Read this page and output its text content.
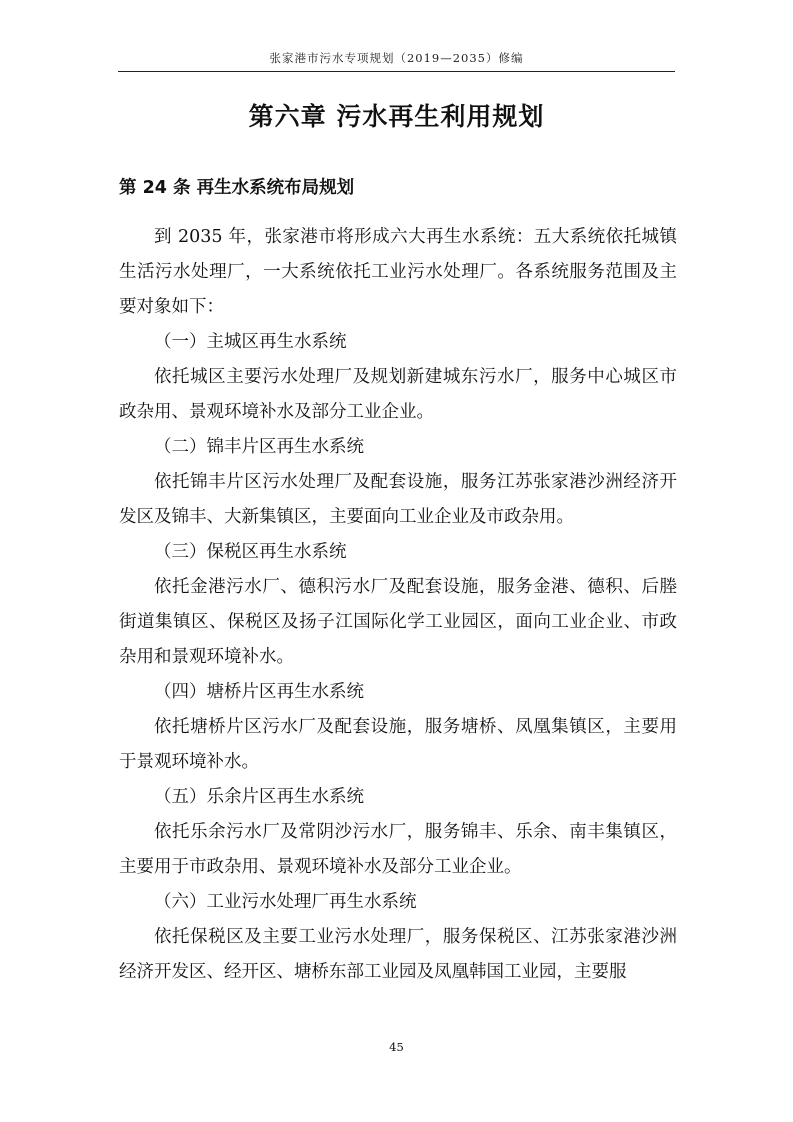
张家港市污水专项规划（2019—2035）修编
第六章 污水再生利用规划
第 24 条 再生水系统布局规划

到 2035 年，张家港市将形成六大再生水系统：五大系统依托城镇生活污水处理厂，一大系统依托工业污水处理厂。各系统服务范围及主要对象如下：

（一）主城区再生水系统

依托城区主要污水处理厂及规划新建城东污水厂，服务中心城区市政杂用、景观环境补水及部分工业企业。

（二）锦丰片区再生水系统

依托锦丰片区污水处理厂及配套设施，服务江苏张家港沙洲经济开发区及锦丰、大新集镇区，主要面向工业企业及市政杂用。

（三）保税区再生水系统

依托金港污水厂、德积污水厂及配套设施，服务金港、德积、后塍街道集镇区、保税区及扬子江国际化学工业园区，面向工业企业、市政杂用和景观环境补水。

（四）塘桥片区再生水系统

依托塘桥片区污水厂及配套设施，服务塘桥、凤凰集镇区，主要用于景观环境补水。

（五）乐余片区再生水系统

依托乐余污水厂及常阴沙污水厂，服务锦丰、乐余、南丰集镇区，主要用于市政杂用、景观环境补水及部分工业企业。

（六）工业污水处理厂再生水系统

依托保税区及主要工业污水处理厂，服务保税区、江苏张家港沙洲经济开发区、经开区、塘桥东部工业园及凤凰韩国工业园，主要服

45
